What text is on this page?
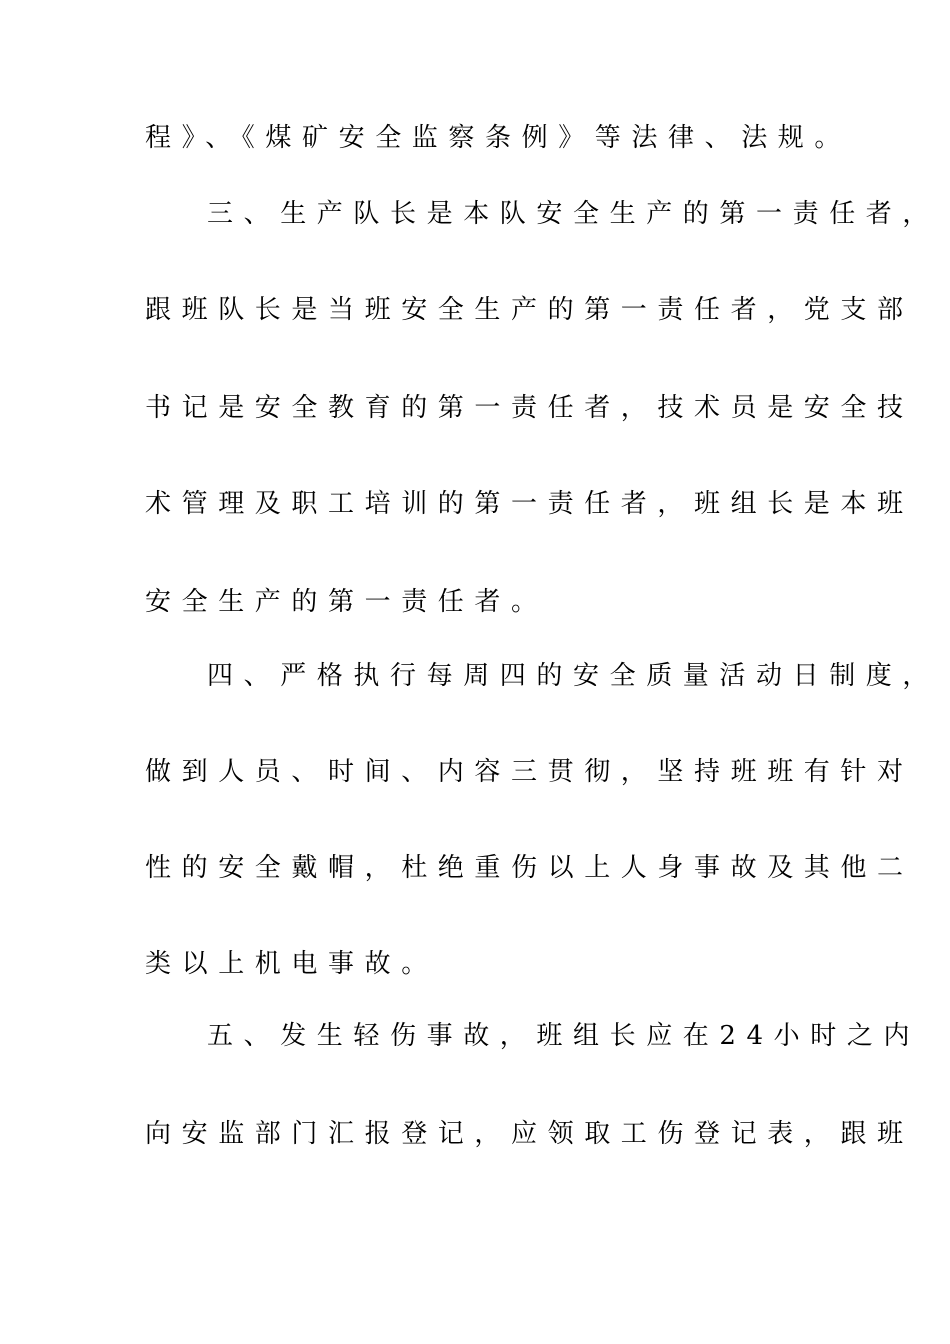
程》、《煤矿安全监察条例》等法律、法规。
三、生产队长是本队安全生产的第一责任者，
跟班队长是当班安全生产的第一责任者，党支部
书记是安全教育的第一责任者，技术员是安全技
术管理及职工培训的第一责任者，班组长是本班
安全生产的第一责任者。
四、严格执行每周四的安全质量活动日制度，
做到人员、时间、内容三贯彻，坚持班班有针对
性的安全戴帽，杜绝重伤以上人身事故及其他二
类以上机电事故。
五、发生轻伤事故，班组长应在24小时之内
向安监部门汇报登记，应领取工伤登记表，跟班
